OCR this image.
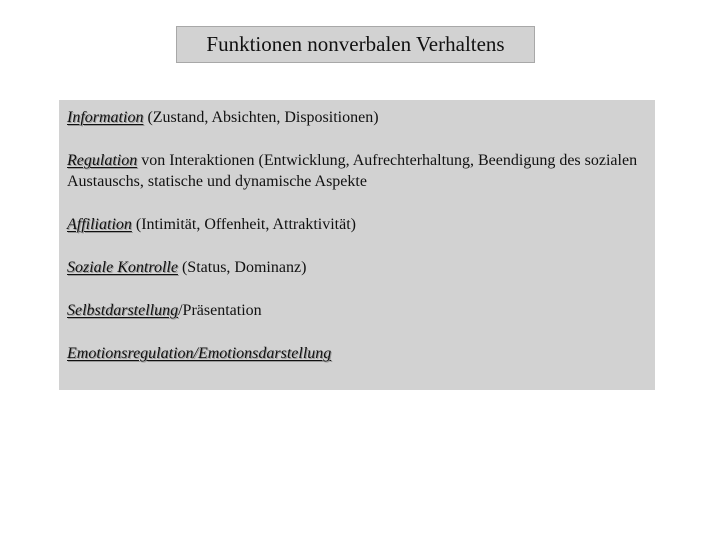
Funktionen nonverbalen Verhaltens
Information (Zustand, Absichten, Dispositionen)
Regulation von Interaktionen (Entwicklung, Aufrechterhaltung, Beendigung des sozialen Austauschs, statische und dynamische Aspekte
Affiliation (Intimität, Offenheit, Attraktivität)
Soziale Kontrolle (Status, Dominanz)
Selbstdarstellung/Präsentation
Emotionsregulation/Emotionsdarstellung
